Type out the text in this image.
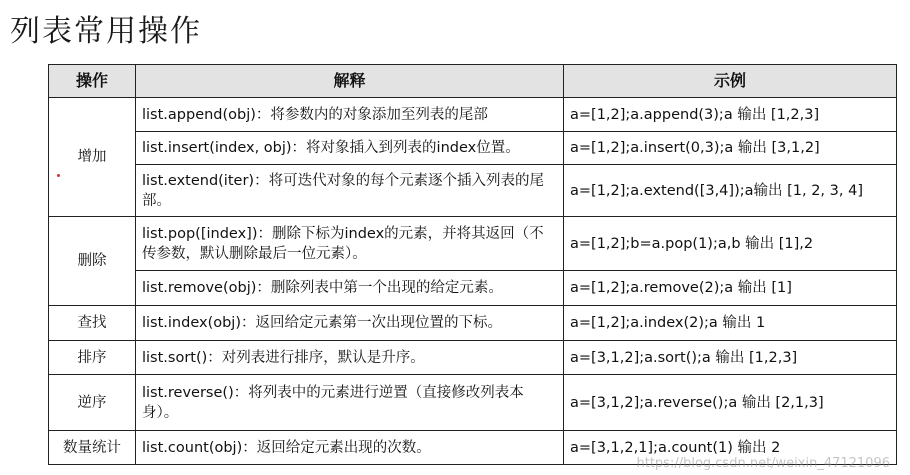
列表常用操作
操作	解释	示例
增加	list.append(obj)：将参数内的对象添加至列表的尾部	a=[1,2];a.append(3);a 输出 [1,2,3]
	list.insert(index, obj)：将对象插入到列表的index位置。	a=[1,2];a.insert(0,3);a 输出 [3,1,2]
	list.extend(iter)：将可迭代对象的每个元素逐个插入列表的尾部。	a=[1,2];a.extend([3,4]);a输出 [1, 2, 3, 4]
删除	list.pop([index])：删除下标为index的元素，并将其返回（不传参数，默认删除最后一位元素）。	a=[1,2];b=a.pop(1);a,b 输出 [1],2
	list.remove(obj)：删除列表中第一个出现的给定元素。	a=[1,2];a.remove(2);a 输出 [1]
查找	list.index(obj)：返回给定元素第一次出现位置的下标。	a=[1,2];a.index(2);a 输出 1
排序	list.sort()：对列表进行排序，默认是升序。	a=[3,1,2];a.sort();a 输出 [1,2,3]
逆序	list.reverse()：将列表中的元素进行逆置（直接修改列表本身）。	a=[3,1,2];a.reverse();a 输出 [2,1,3]
数量统计	list.count(obj)：返回给定元素出现的次数。	a=[3,1,2,1];a.count(1) 输出 2
https://blog.csdn.net/weixin_47121096
